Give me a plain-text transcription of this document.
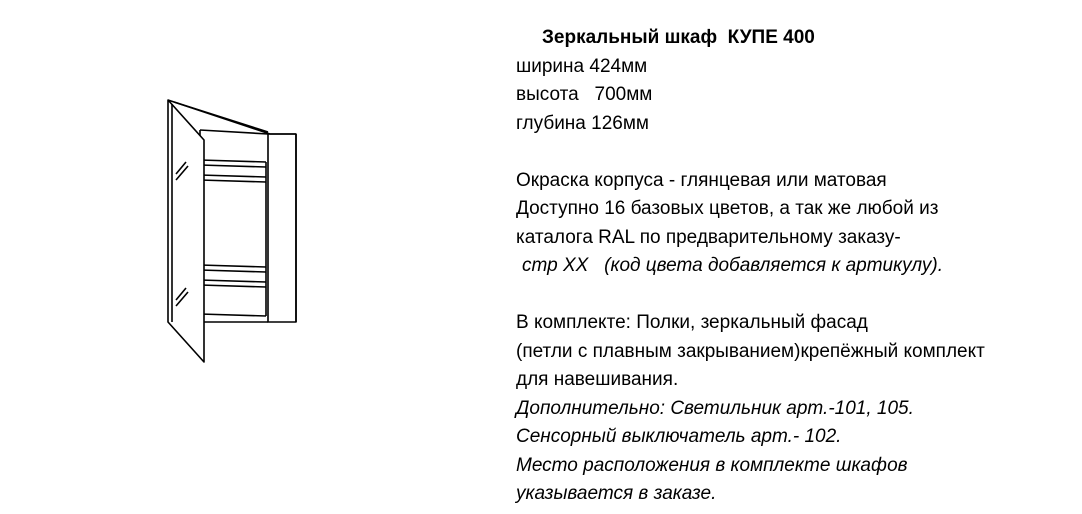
Зеркальный шкаф  КУПЕ 400
ширина 424мм
высота   700мм
глубина 126мм
Окраска корпуса - глянцевая или матовая
Доступно 16 базовых цветов, а так же любой из
каталога RAL по предварительному заказу-
стр XX   (код цвета добавляется к артикулу).
В комплекте: Полки, зеркальный фасад
(петли с плавным закрыванием)крепёжный комплект
для навешивания.
Дополнительно: Светильник арт.-101, 105.
Сенсорный выключатель арт.- 102.
Место расположения в комплекте шкафов
указывается в заказе.
